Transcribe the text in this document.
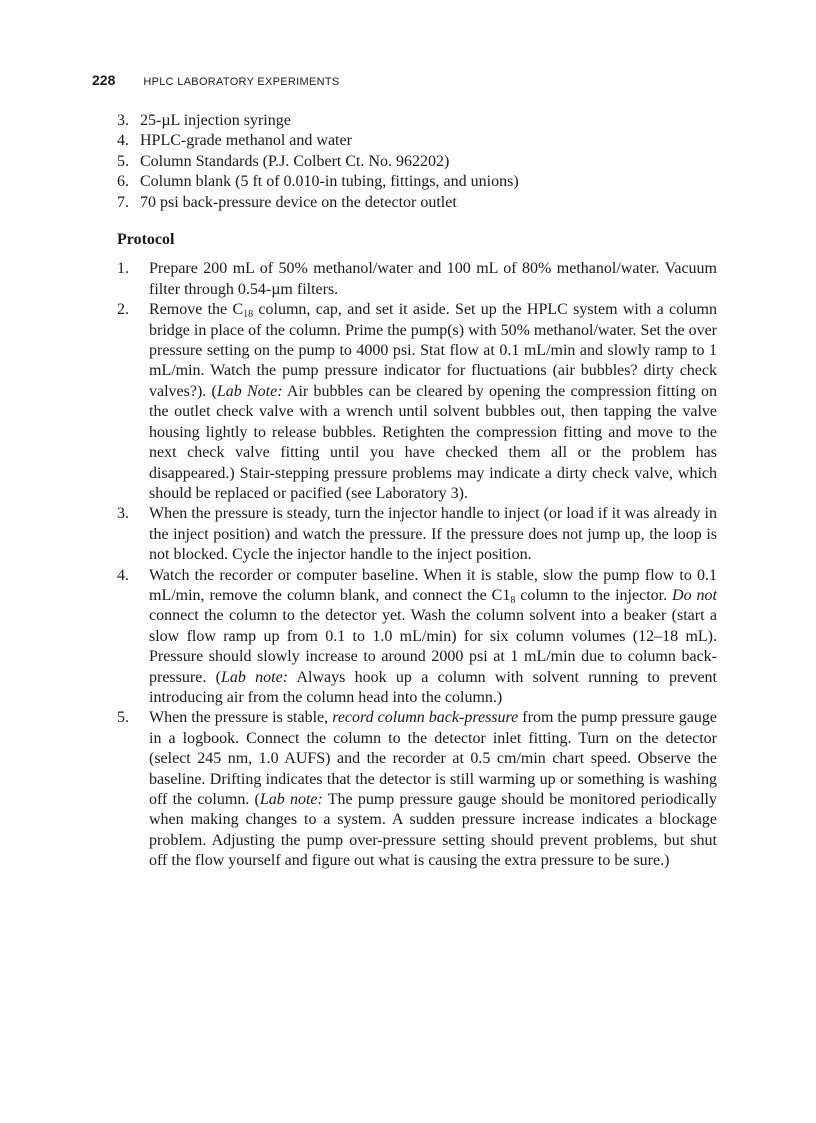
228	HPLC LABORATORY EXPERIMENTS
3. 25-µL injection syringe
4. HPLC-grade methanol and water
5. Column Standards (P.J. Colbert Ct. No. 962202)
6. Column blank (5 ft of 0.010-in tubing, fittings, and unions)
7. 70 psi back-pressure device on the detector outlet
Protocol
1.	Prepare 200 mL of 50% methanol/water and 100 mL of 80% methanol/water. Vacuum filter through 0.54-µm filters.
2.	Remove the $C_{18}$ column, cap, and set it aside. Set up the HPLC system with a column bridge in place of the column. Prime the pump(s) with 50% methanol/water. Set the over pressure setting on the pump to 4000 psi. Stat flow at 0.1 mL/min and slowly ramp to 1 mL/min. Watch the pump pressure indicator for fluctuations (air bubbles? dirty check valves?). (Lab Note: Air bubbles can be cleared by opening the compression fitting on the outlet check valve with a wrench until solvent bubbles out, then tapping the valve housing lightly to release bubbles. Retighten the compression fitting and move to the next check valve fitting until you have checked them all or the problem has disappeared.) Stair-stepping pressure problems may indicate a dirty check valve, which should be replaced or pacified (see Laboratory 3).
3.	When the pressure is steady, turn the injector handle to inject (or load if it was already in the inject position) and watch the pressure. If the pressure does not jump up, the loop is not blocked. Cycle the injector handle to the inject position.
4.	Watch the recorder or computer baseline. When it is stable, slow the pump flow to 0.1 mL/min, remove the column blank, and connect the $C1_8$ column to the injector. Do not connect the column to the detector yet. Wash the column solvent into a beaker (start a slow flow ramp up from 0.1 to 1.0 mL/min) for six column volumes (12–18 mL). Pressure should slowly increase to around 2000 psi at 1 mL/min due to column back-pressure. (Lab note: Always hook up a column with solvent running to prevent introducing air from the column head into the column.)
5.	When the pressure is stable, record column back-pressure from the pump pressure gauge in a logbook. Connect the column to the detector inlet fitting. Turn on the detector (select 245 nm, 1.0 AUFS) and the recorder at 0.5 cm/min chart speed. Observe the baseline. Drifting indicates that the detector is still warming up or something is washing off the column. (Lab note: The pump pressure gauge should be monitored periodically when making changes to a system. A sudden pressure increase indicates a blockage problem. Adjusting the pump over-pressure setting should prevent problems, but shut off the flow yourself and figure out what is causing the extra pressure to be sure.)
